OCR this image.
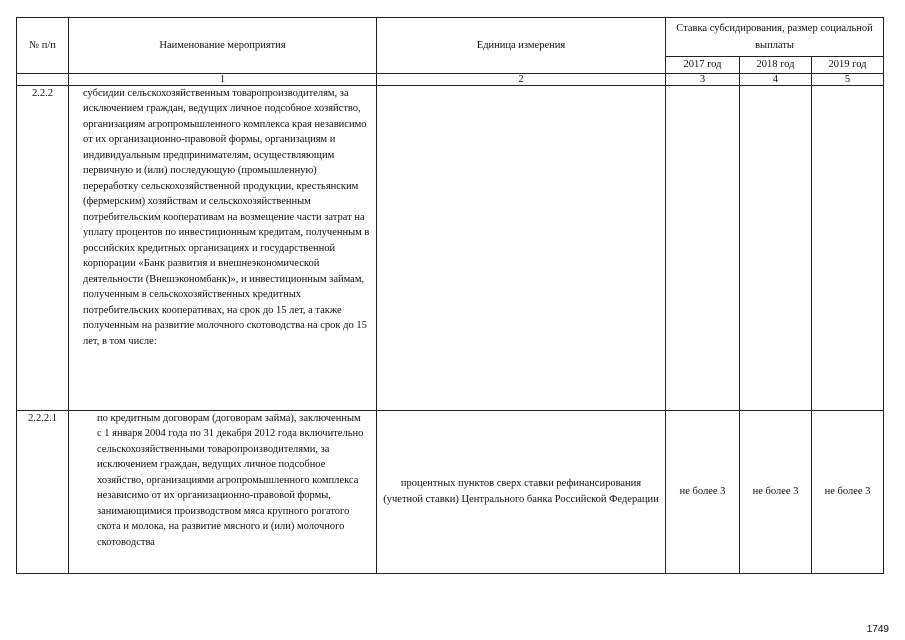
№ п/п	Наименование мероприятия	Единица измерения	Ставка субсидирования, размер социальной выплаты		
			2017 год	2018 год	2019 год
	1	2	3	4	5
2.2.2	субсидии сельскохозяйственным товаропроизводителям, за исключением граждан, ведущих личное подсобное хозяйство, организациям агропромышленного комплекса края независимо от их организационно-правовой формы, организациям и индивидуальным предпринимателям, осуществляющим первичную и (или) последующую (промышленную) переработку сельскохозяйственной продукции, крестьянским (фермерским) хозяйствам и сельскохозяйственным потребительским кооперативам на возмещение части затрат на уплату процентов по инвестиционным кредитам, полученным в российских кредитных организациях и государственной корпорации «Банк развития и внешнеэкономической деятельности (Внешэкономбанк)», и инвестиционным займам, полученным в сельскохозяйственных кредитных потребительских кооперативах, на срок до 15 лет, а также полученным на развитие молочного скотоводства на срок до 15 лет, в том числе:				
2.2.2.1	по кредитным договорам (договорам займа), заключенным с 1 января 2004 года по 31 декабря 2012 года включительно сельскохозяйственными товаропроизводителями, за исключением граждан, ведущих личное подсобное хозяйство, организациями агропромышленного комплекса независимо от их организационно-правовой формы, занимающимися производством мяса крупного рогатого скота и молока, на развитие мясного и (или) молочного скотоводства	процентных пунктов сверх ставки рефинансирования (учетной ставки) Центрального банка Российской Федерации	не более 3	не более 3	не более 3
1749
